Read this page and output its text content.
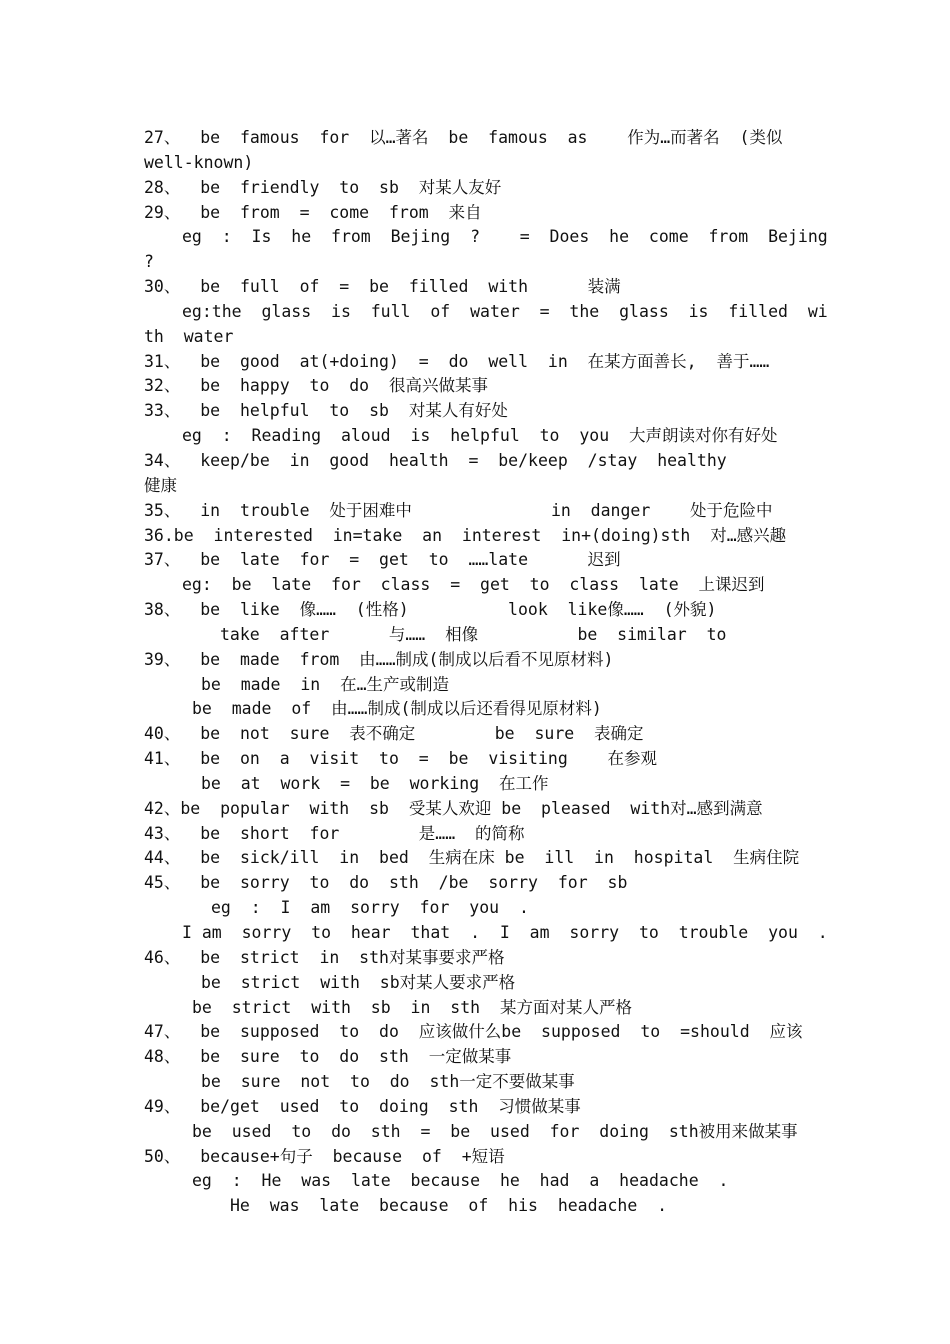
27、  be  famous  for  以…著名  be  famous  as    作为…而著名  (类似
well-known)
28、  be  friendly  to  sb  对某人友好
29、  be  from  =  come  from  来自
eg  :  Is  he  from  Bejing  ?    =  Does  he  come  from  Bejing
?
30、  be  full  of  =  be  filled  with      装满
eg:the  glass  is  full  of  water  =  the  glass  is  filled  wi
th  water
31、  be  good  at(+doing)  =  do  well  in  在某方面善长,  善于……
32、  be  happy  to  do  很高兴做某事
33、  be  helpful  to  sb  对某人有好处
eg  :  Reading  aloud  is  helpful  to  you  大声朗读对你有好处
34、  keep/be  in  good  health  =  be/keep  /stay  healthy
健康
35、  in  trouble  处于困难中              in  danger    处于危险中
36.be  interested  in=take  an  interest  in+(doing)sth  对…感兴趣
37、  be  late  for  =  get  to  ……late      迟到
eg:  be  late  for  class  =  get  to  class  late  上课迟到
38、  be  like  像……  (性格)          look  like像……  (外貌)
take  after      与……  相像          be  similar  to
39、  be  made  from  由……制成(制成以后看不见原材料)
be  made  in  在…生产或制造
be  made  of  由……制成(制成以后还看得见原材料)
40、  be  not  sure  表不确定        be  sure  表确定
41、  be  on  a  visit  to  =  be  visiting    在参观
be  at  work  =  be  working  在工作
42、be  popular  with  sb  受某人欢迎 be  pleased  with对…感到满意
43、  be  short  for        是……  的简称
44、  be  sick/ill  in  bed  生病在床 be  ill  in  hospital  生病住院
45、  be  sorry  to  do  sth  /be  sorry  for  sb
eg  :  I  am  sorry  for  you  .
I am  sorry  to  hear  that  .  I  am  sorry  to  trouble  you  .
46、  be  strict  in  sth对某事要求严格
be  strict  with  sb对某人要求严格
be  strict  with  sb  in  sth  某方面对某人严格
47、  be  supposed  to  do  应该做什么be  supposed  to  =should  应该
48、  be  sure  to  do  sth  一定做某事
be  sure  not  to  do  sth一定不要做某事
49、  be/get  used  to  doing  sth  习惯做某事
be  used  to  do  sth  =  be  used  for  doing  sth被用来做某事
50、  because+句子  because  of  +短语
eg  :  He  was  late  because  he  had  a  headache  .
He  was  late  because  of  his  headache  .
